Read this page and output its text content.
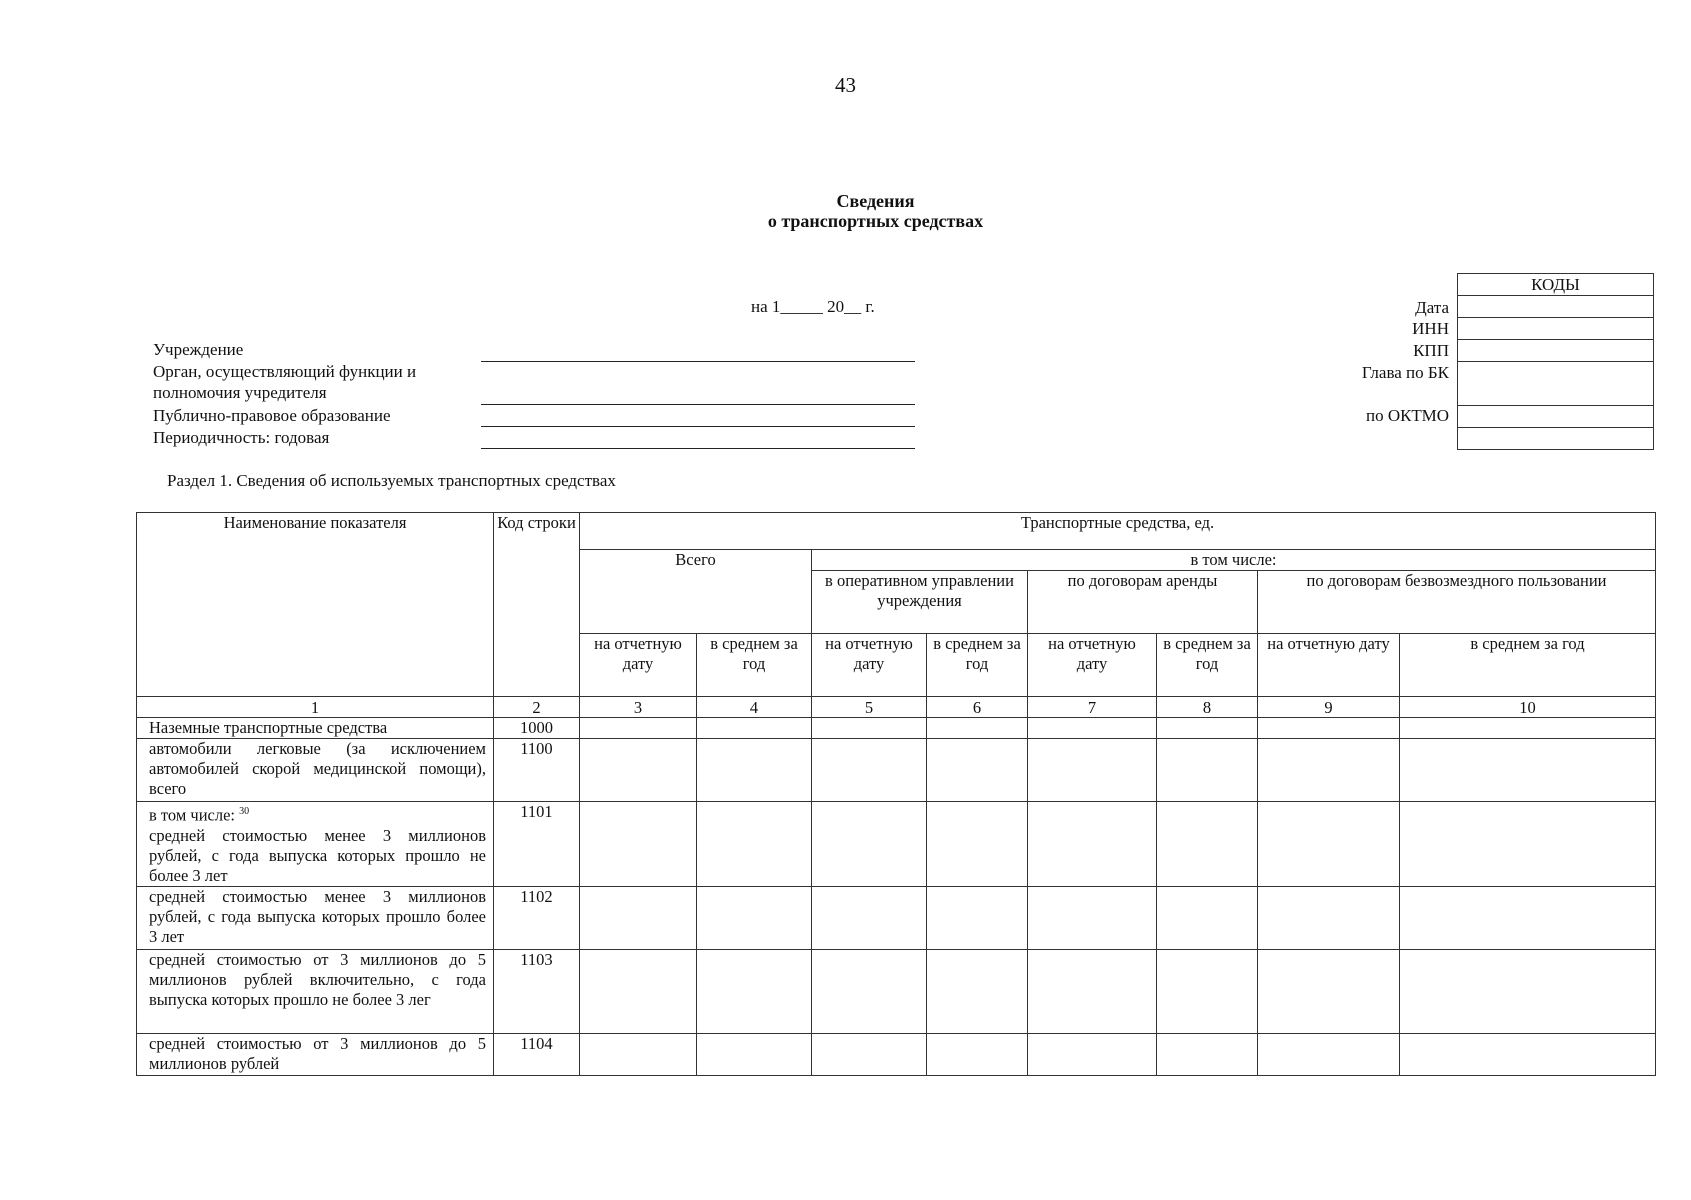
43
Сведения
о транспортных средствах
на 1_____ 20__ г.
Учреждение
Орган, осуществляющий функции и полномочия учредителя
Публично-правовое образование
Периодичность: годовая
Дата
ИНН
КПП
Глава по БК
по ОКТМО
КОДЫ

Раздел 1. Сведения об используемых транспортных средствах
Наименование показателя	Код строки	Транспортные средства, ед.							
		Всего		в том числе:					
				в оперативном управлении учреждения		по договорам аренды		по договорам безвозмездного пользовании	
		на отчетную дату	в среднем за год	на отчетную дату	в среднем за год	на отчетную дату	в среднем за год	на отчетную дату	в среднем за год
1	2	3	4	5	6	7	8	9	10
Наземные транспортные средства	1000								
автомобили легковые (за исключением автомобилей скорой медицинской помощи), всего	1100								

в том числе: $^{30}$
средней стоимостью менее 3 миллионов рублей, с года выпуска которых прошло не более 3 лет	1101								
средней стоимостью менее 3 миллионов рублей, с года выпуска которых прошло более 3 лет	1102								
средней стоимостью от 3 миллионов до 5 миллионов рублей включительно, с года выпуска которых прошло не более 3 лег	1103								
средней стоимостью от 3 миллионов до 5 миллионов рублей	1104								
